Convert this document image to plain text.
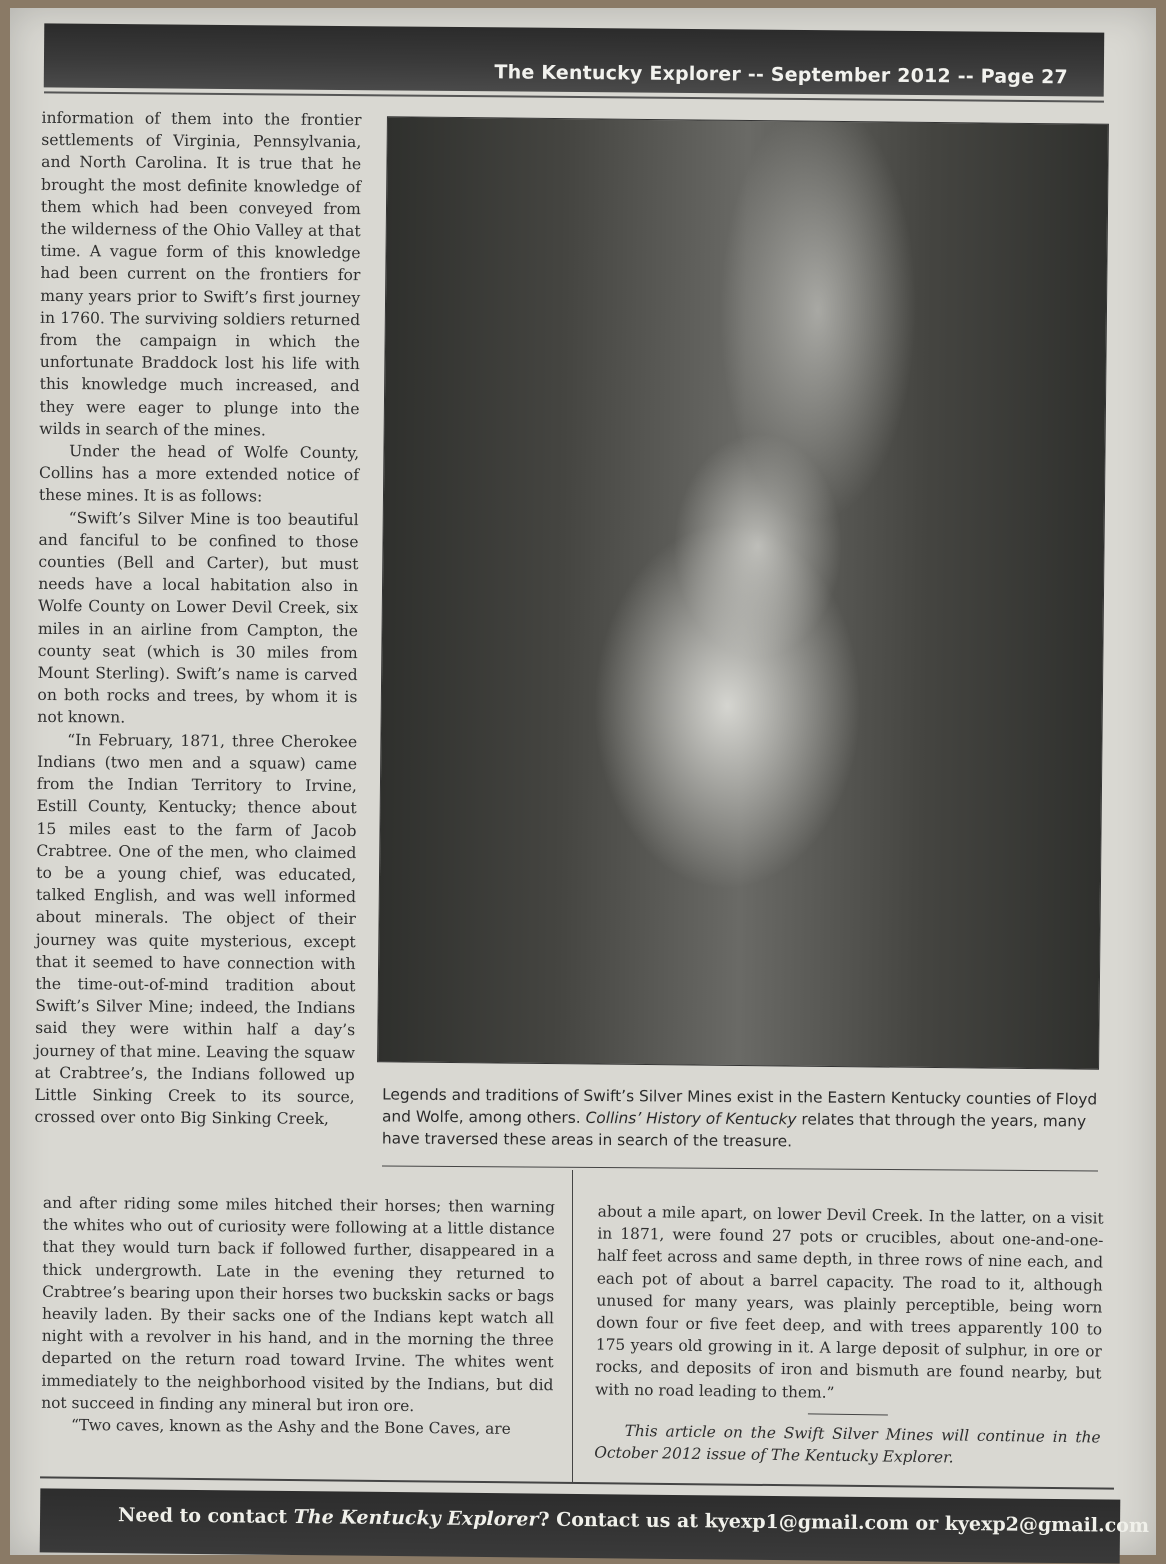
The Kentucky Explorer -- September 2012 -- Page 27

information of them into the frontier settlements of Virginia, Pennsylvania, and North Carolina. It is true that he brought the most definite knowledge of them which had been conveyed from the wilderness of the Ohio Valley at that time. A vague form of this knowledge had been current on the frontiers for many years prior to Swift’s first journey in 1760. The surviving soldiers returned from the campaign in which the unfortunate Braddock lost his life with this knowledge much increased, and they were eager to plunge into the wilds in search of the mines.

Under the head of Wolfe County, Collins has a more extended notice of these mines. It is as follows:

“Swift’s Silver Mine is too beautiful and fanciful to be confined to those counties (Bell and Carter), but must needs have a local habitation also in Wolfe County on Lower Devil Creek, six miles in an airline from Campton, the county seat (which is 30 miles from Mount Sterling). Swift’s name is carved on both rocks and trees, by whom it is not known.

“In February, 1871, three Cherokee Indians (two men and a squaw) came from the Indian Territory to Irvine, Estill County, Kentucky; thence about 15 miles east to the farm of Jacob Crabtree. One of the men, who claimed to be a young chief, was educated, talked English, and was well informed about minerals. The object of their journey was quite mysterious, except that it seemed to have connection with the time-out-of-mind tradition about Swift’s Silver Mine; indeed, the Indians said they were within half a day’s journey of that mine. Leaving the squaw at Crabtree’s, the Indians followed up Little Sinking Creek to its source, crossed over onto Big Sinking Creek,

Legends and traditions of Swift’s Silver Mines exist in the Eastern Kentucky counties of Floyd and Wolfe, among others. Collins’ History of Kentucky relates that through the years, many have traversed these areas in search of the treasure.

and after riding some miles hitched their horses; then warning the whites who out of curiosity were following at a little distance that they would turn back if followed further, disappeared in a thick undergrowth. Late in the evening they returned to Crabtree’s bearing upon their horses two buckskin sacks or bags heavily laden. By their sacks one of the Indians kept watch all night with a revolver in his hand, and in the morning the three departed on the return road toward Irvine. The whites went immediately to the neighborhood visited by the Indians, but did not succeed in finding any mineral but iron ore.

“Two caves, known as the Ashy and the Bone Caves, are

about a mile apart, on lower Devil Creek. In the latter, on a visit in 1871, were found 27 pots or crucibles, about one-and-one-half feet across and same depth, in three rows of nine each, and each pot of about a barrel capacity. The road to it, although unused for many years, was plainly perceptible, being worn down four or five feet deep, and with trees apparently 100 to 175 years old growing in it. A large deposit of sulphur, in ore or rocks, and deposits of iron and bismuth are found nearby, but with no road leading to them.”

This article on the Swift Silver Mines will continue in the October 2012 issue of The Kentucky Explorer.

Need to contact The Kentucky Explorer? Contact us at kyexp1@gmail.com or kyexp2@gmail.com
